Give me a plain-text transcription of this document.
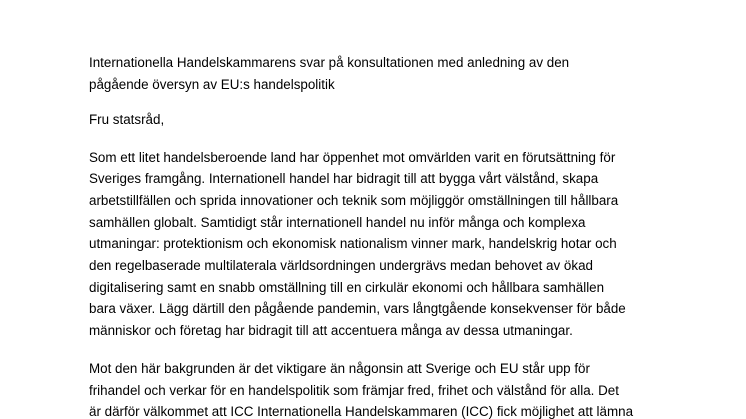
Internationella Handelskammarens svar på konsultationen med anledning av den
pågående översyn av EU:s handelspolitik

Fru statsråd,

Som ett litet handelsberoende land har öppenhet mot omvärlden varit en förutsättning för
Sveriges framgång. Internationell handel har bidragit till att bygga vårt välstånd, skapa
arbetstillfällen och sprida innovationer och teknik som möjliggör omställningen till hållbara
samhällen globalt. Samtidigt står internationell handel nu inför många och komplexa
utmaningar: protektionism och ekonomisk nationalism vinner mark, handelskrig hotar och
den regelbaserade multilaterala världsordningen undergrävs medan behovet av ökad
digitalisering samt en snabb omställning till en cirkulär ekonomi och hållbara samhällen
bara växer. Lägg därtill den pågående pandemin, vars långtgående konsekvenser för både
människor och företag har bidragit till att accentuera många av dessa utmaningar.

Mot den här bakgrunden är det viktigare än någonsin att Sverige och EU står upp för
frihandel och verkar för en handelspolitik som främjar fred, frihet och välstånd för alla. Det
är därför välkommet att ICC Internationella Handelskammaren (ICC) fick möjlighet att lämna
